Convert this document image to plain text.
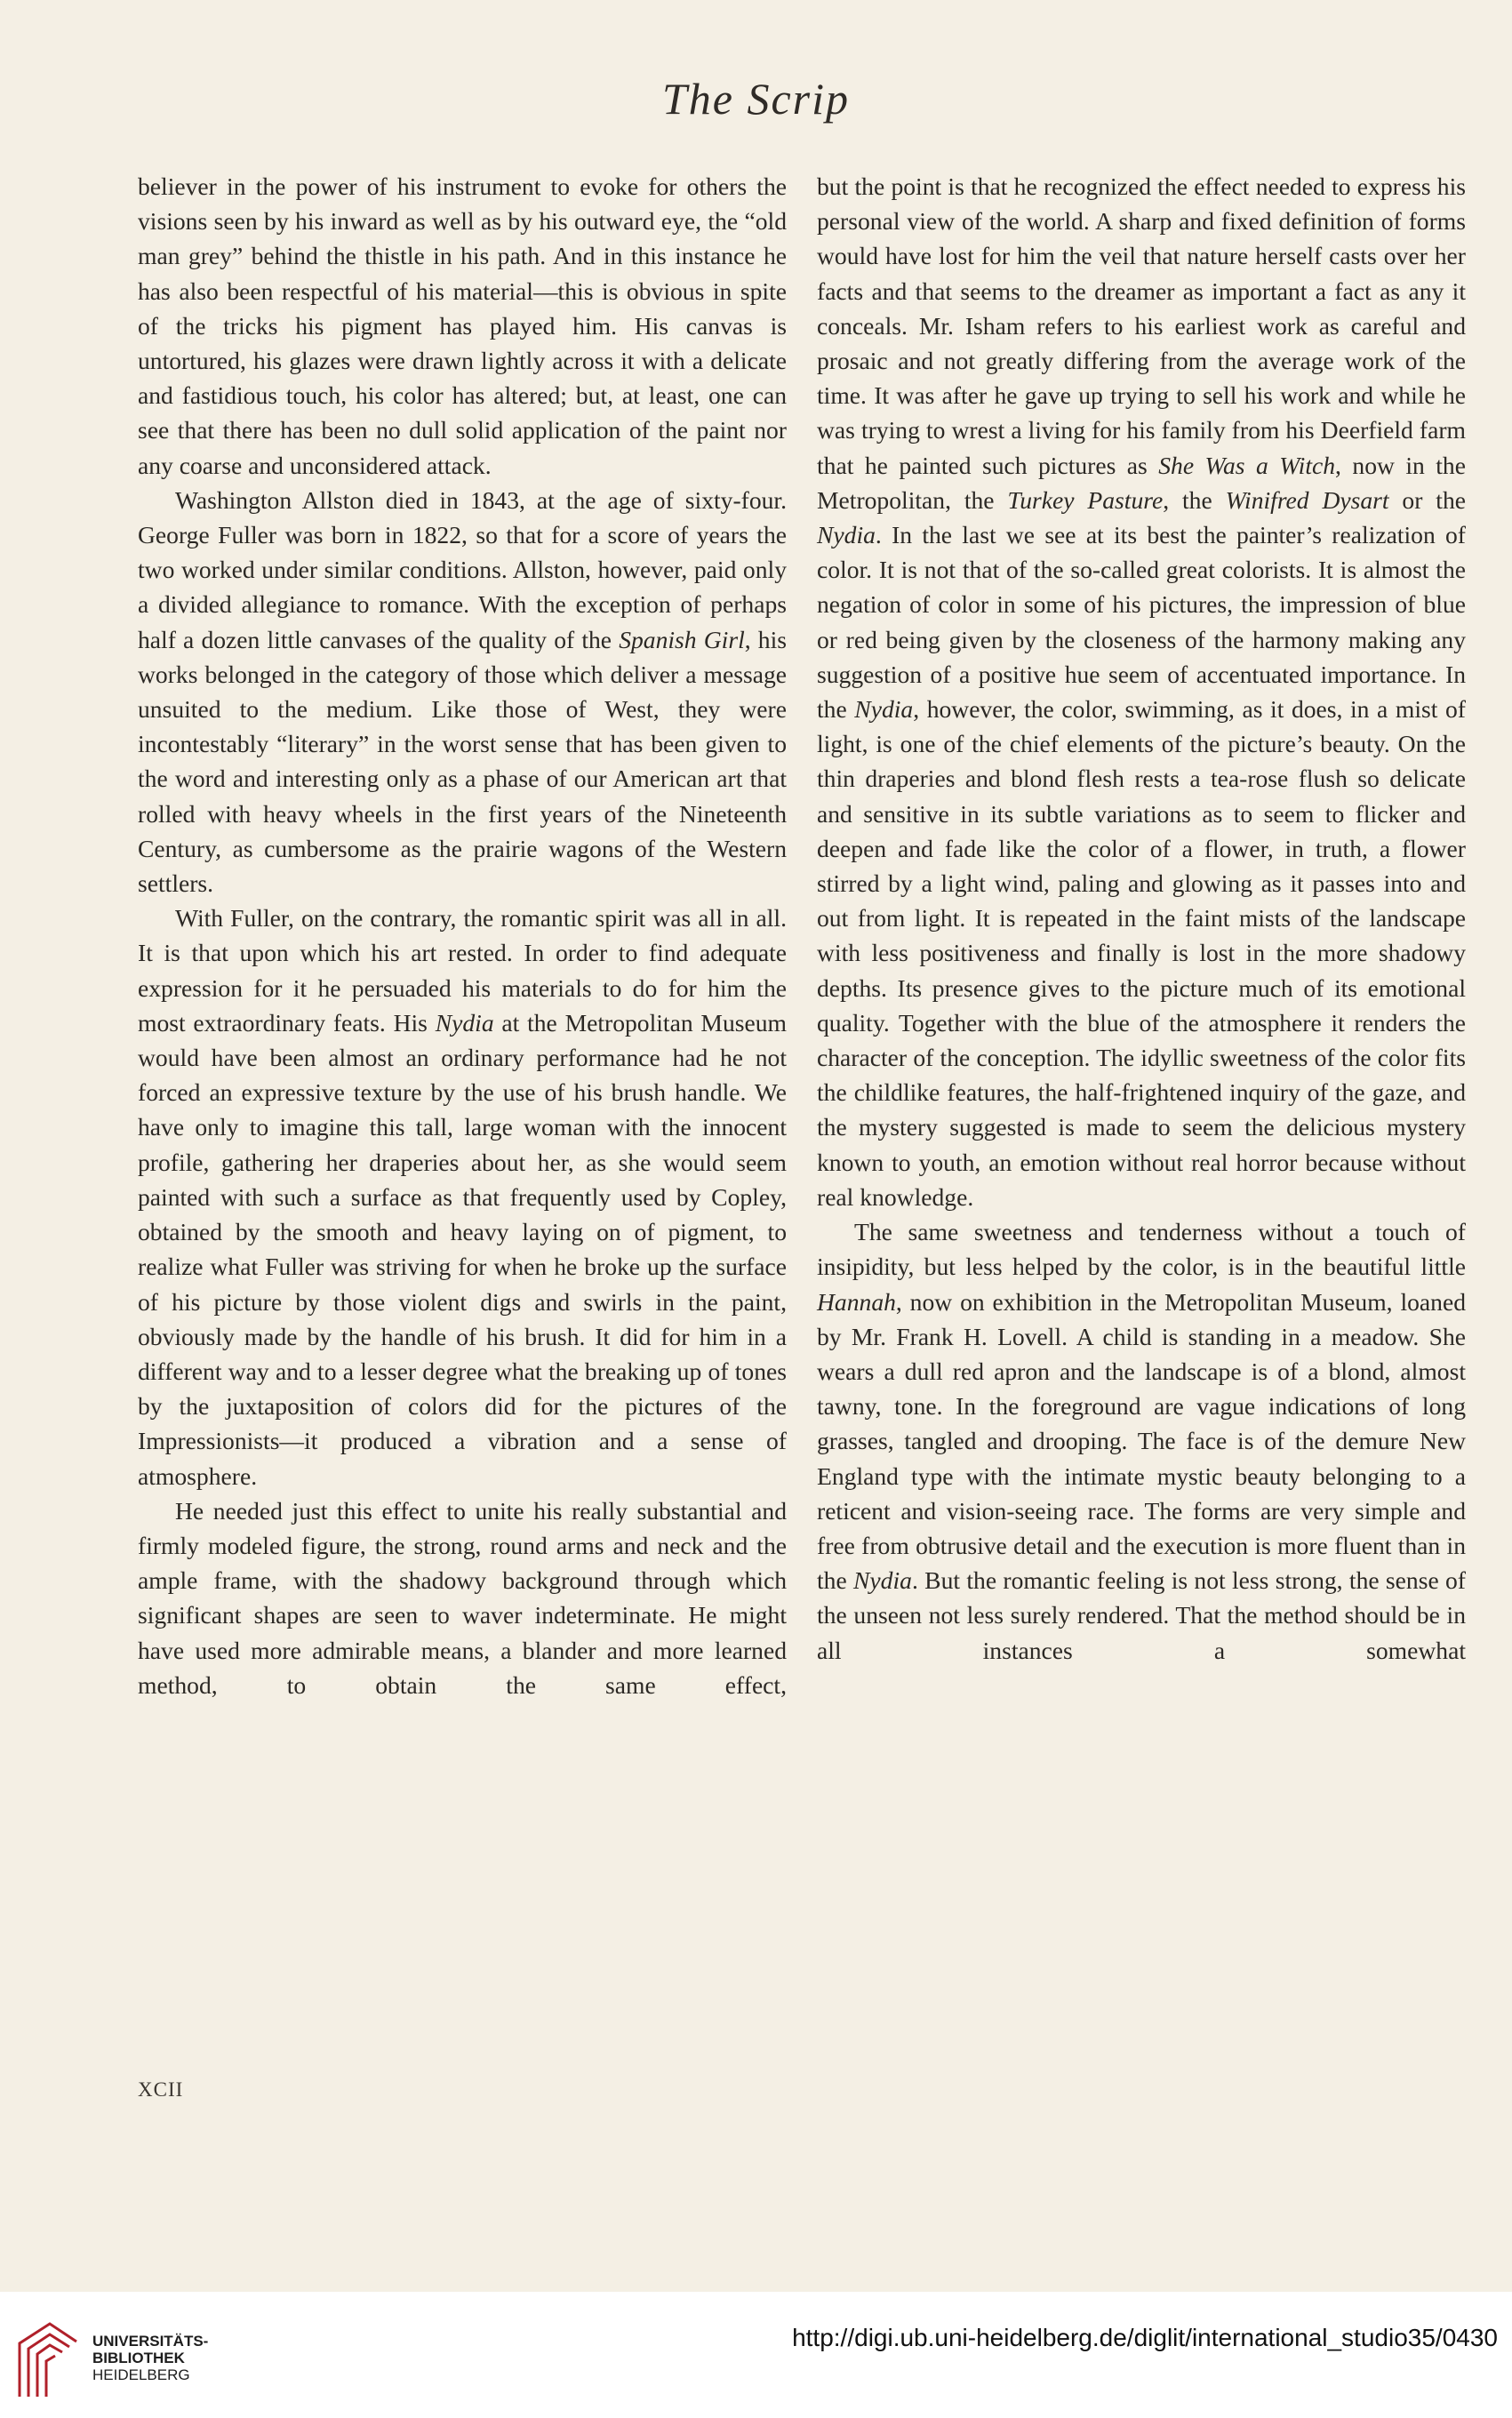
The Scrip

believer in the power of his instrument to evoke for others the visions seen by his inward as well as by his outward eye, the “old man grey” behind the thistle in his path. And in this instance he has also been respectful of his material—this is obvious in spite of the tricks his pigment has played him. His canvas is untortured, his glazes were drawn lightly across it with a delicate and fastidious touch, his color has altered; but, at least, one can see that there has been no dull solid application of the paint nor any coarse and unconsidered attack.

Washington Allston died in 1843, at the age of sixty-four. George Fuller was born in 1822, so that for a score of years the two worked under similar conditions. Allston, however, paid only a divided allegiance to romance. With the exception of perhaps half a dozen little canvases of the quality of the Spanish Girl, his works belonged in the category of those which deliver a message unsuited to the medium. Like those of West, they were incontestably “literary” in the worst sense that has been given to the word and interesting only as a phase of our American art that rolled with heavy wheels in the first years of the Nineteenth Century, as cumbersome as the prairie wagons of the Western settlers.

With Fuller, on the contrary, the romantic spirit was all in all. It is that upon which his art rested. In order to find adequate expression for it he persuaded his materials to do for him the most extraordinary feats. His Nydia at the Metropolitan Museum would have been almost an ordinary performance had he not forced an expressive texture by the use of his brush handle. We have only to imagine this tall, large woman with the innocent profile, gathering her draperies about her, as she would seem painted with such a surface as that frequently used by Copley, obtained by the smooth and heavy laying on of pigment, to realize what Fuller was striving for when he broke up the surface of his picture by those violent digs and swirls in the paint, obviously made by the handle of his brush. It did for him in a different way and to a lesser degree what the breaking up of tones by the juxtaposition of colors did for the pictures of the Impressionists—it produced a vibration and a sense of atmosphere.

He needed just this effect to unite his really substantial and firmly modeled figure, the strong, round arms and neck and the ample frame, with the shadowy background through which significant shapes are seen to waver indeterminate. He might have used more admirable means, a blander and more learned method, to obtain the same effect,

but the point is that he recognized the effect needed to express his personal view of the world. A sharp and fixed definition of forms would have lost for him the veil that nature herself casts over her facts and that seems to the dreamer as important a fact as any it conceals. Mr. Isham refers to his earliest work as careful and prosaic and not greatly differing from the average work of the time. It was after he gave up trying to sell his work and while he was trying to wrest a living for his family from his Deerfield farm that he painted such pictures as She Was a Witch, now in the Metropolitan, the Turkey Pasture, the Winifred Dysart or the Nydia. In the last we see at its best the painter’s realization of color. It is not that of the so-called great colorists. It is almost the negation of color in some of his pictures, the impression of blue or red being given by the closeness of the harmony making any suggestion of a positive hue seem of accentuated importance. In the Nydia, however, the color, swimming, as it does, in a mist of light, is one of the chief elements of the picture’s beauty. On the thin draperies and blond flesh rests a tea-rose flush so delicate and sensitive in its subtle variations as to seem to flicker and deepen and fade like the color of a flower, in truth, a flower stirred by a light wind, paling and glowing as it passes into and out from light. It is repeated in the faint mists of the landscape with less positiveness and finally is lost in the more shadowy depths. Its presence gives to the picture much of its emotional quality. Together with the blue of the atmosphere it renders the character of the conception. The idyllic sweetness of the color fits the childlike features, the half-frightened inquiry of the gaze, and the mystery suggested is made to seem the delicious mystery known to youth, an emotion without real horror because without real knowledge.

The same sweetness and tenderness without a touch of insipidity, but less helped by the color, is in the beautiful little Hannah, now on exhibition in the Metropolitan Museum, loaned by Mr. Frank H. Lovell. A child is standing in a meadow. She wears a dull red apron and the landscape is of a blond, almost tawny, tone. In the foreground are vague indications of long grasses, tangled and drooping. The face is of the demure New England type with the intimate mystic beauty belonging to a reticent and vision-seeing race. The forms are very simple and free from obtrusive detail and the execution is more fluent than in the Nydia. But the romantic feeling is not less strong, the sense of the unseen not less surely rendered. That the method should be in all instances a somewhat

XCII
UNIVERSITÄTS-
BIBLIOTHEK
HEIDELBERG
http://digi.ub.uni-heidelberg.de/diglit/international_studio35/0430
